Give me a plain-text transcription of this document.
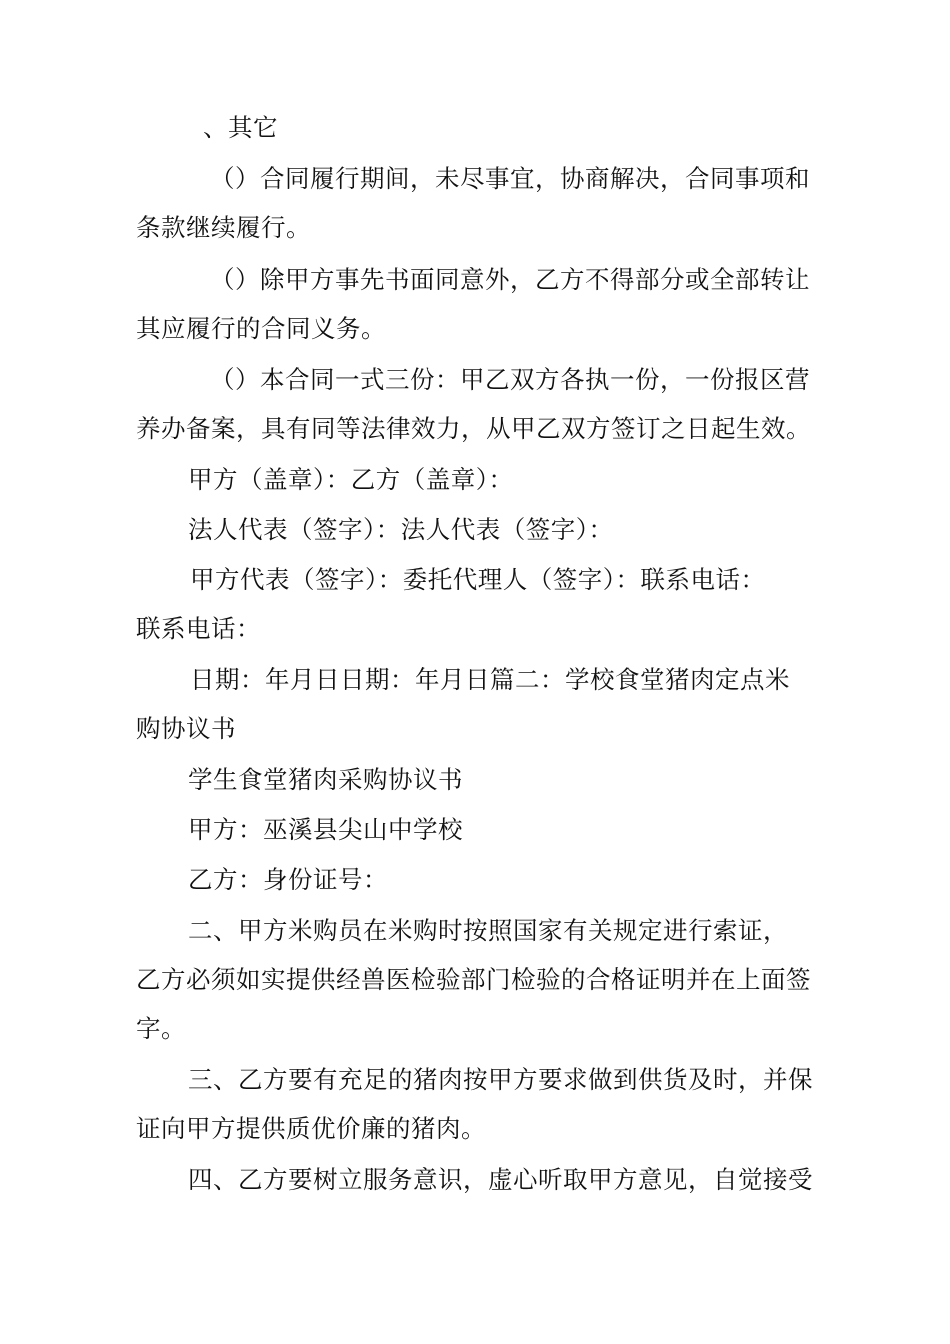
、其它
（）合同履行期间，未尽事宜，协商解决，合同事项和
条款继续履行。
（）除甲方事先书面同意外，乙方不得部分或全部转让
其应履行的合同义务。
（）本合同一式三份：甲乙双方各执一份，一份报区营
养办备案，具有同等法律效力，从甲乙双方签订之日起生效。
甲方（盖章）：乙方（盖章）：
法人代表（签字）：法人代表（签字）：
甲方代表（签字）：委托代理人（签字）：联系电话：
联系电话：
日期：年月日日期：年月日篇二：学校食堂猪肉定点米
购协议书
学生食堂猪肉采购协议书
甲方：巫溪县尖山中学校
乙方：身份证号：
二、甲方米购员在米购时按照国家有关规定进行索证，
乙方必须如实提供经兽医检验部门检验的合格证明并在上面签
字。
三、乙方要有充足的猪肉按甲方要求做到供货及时，并保
证向甲方提供质优价廉的猪肉。
四、乙方要树立服务意识，虚心听取甲方意见，自觉接受
